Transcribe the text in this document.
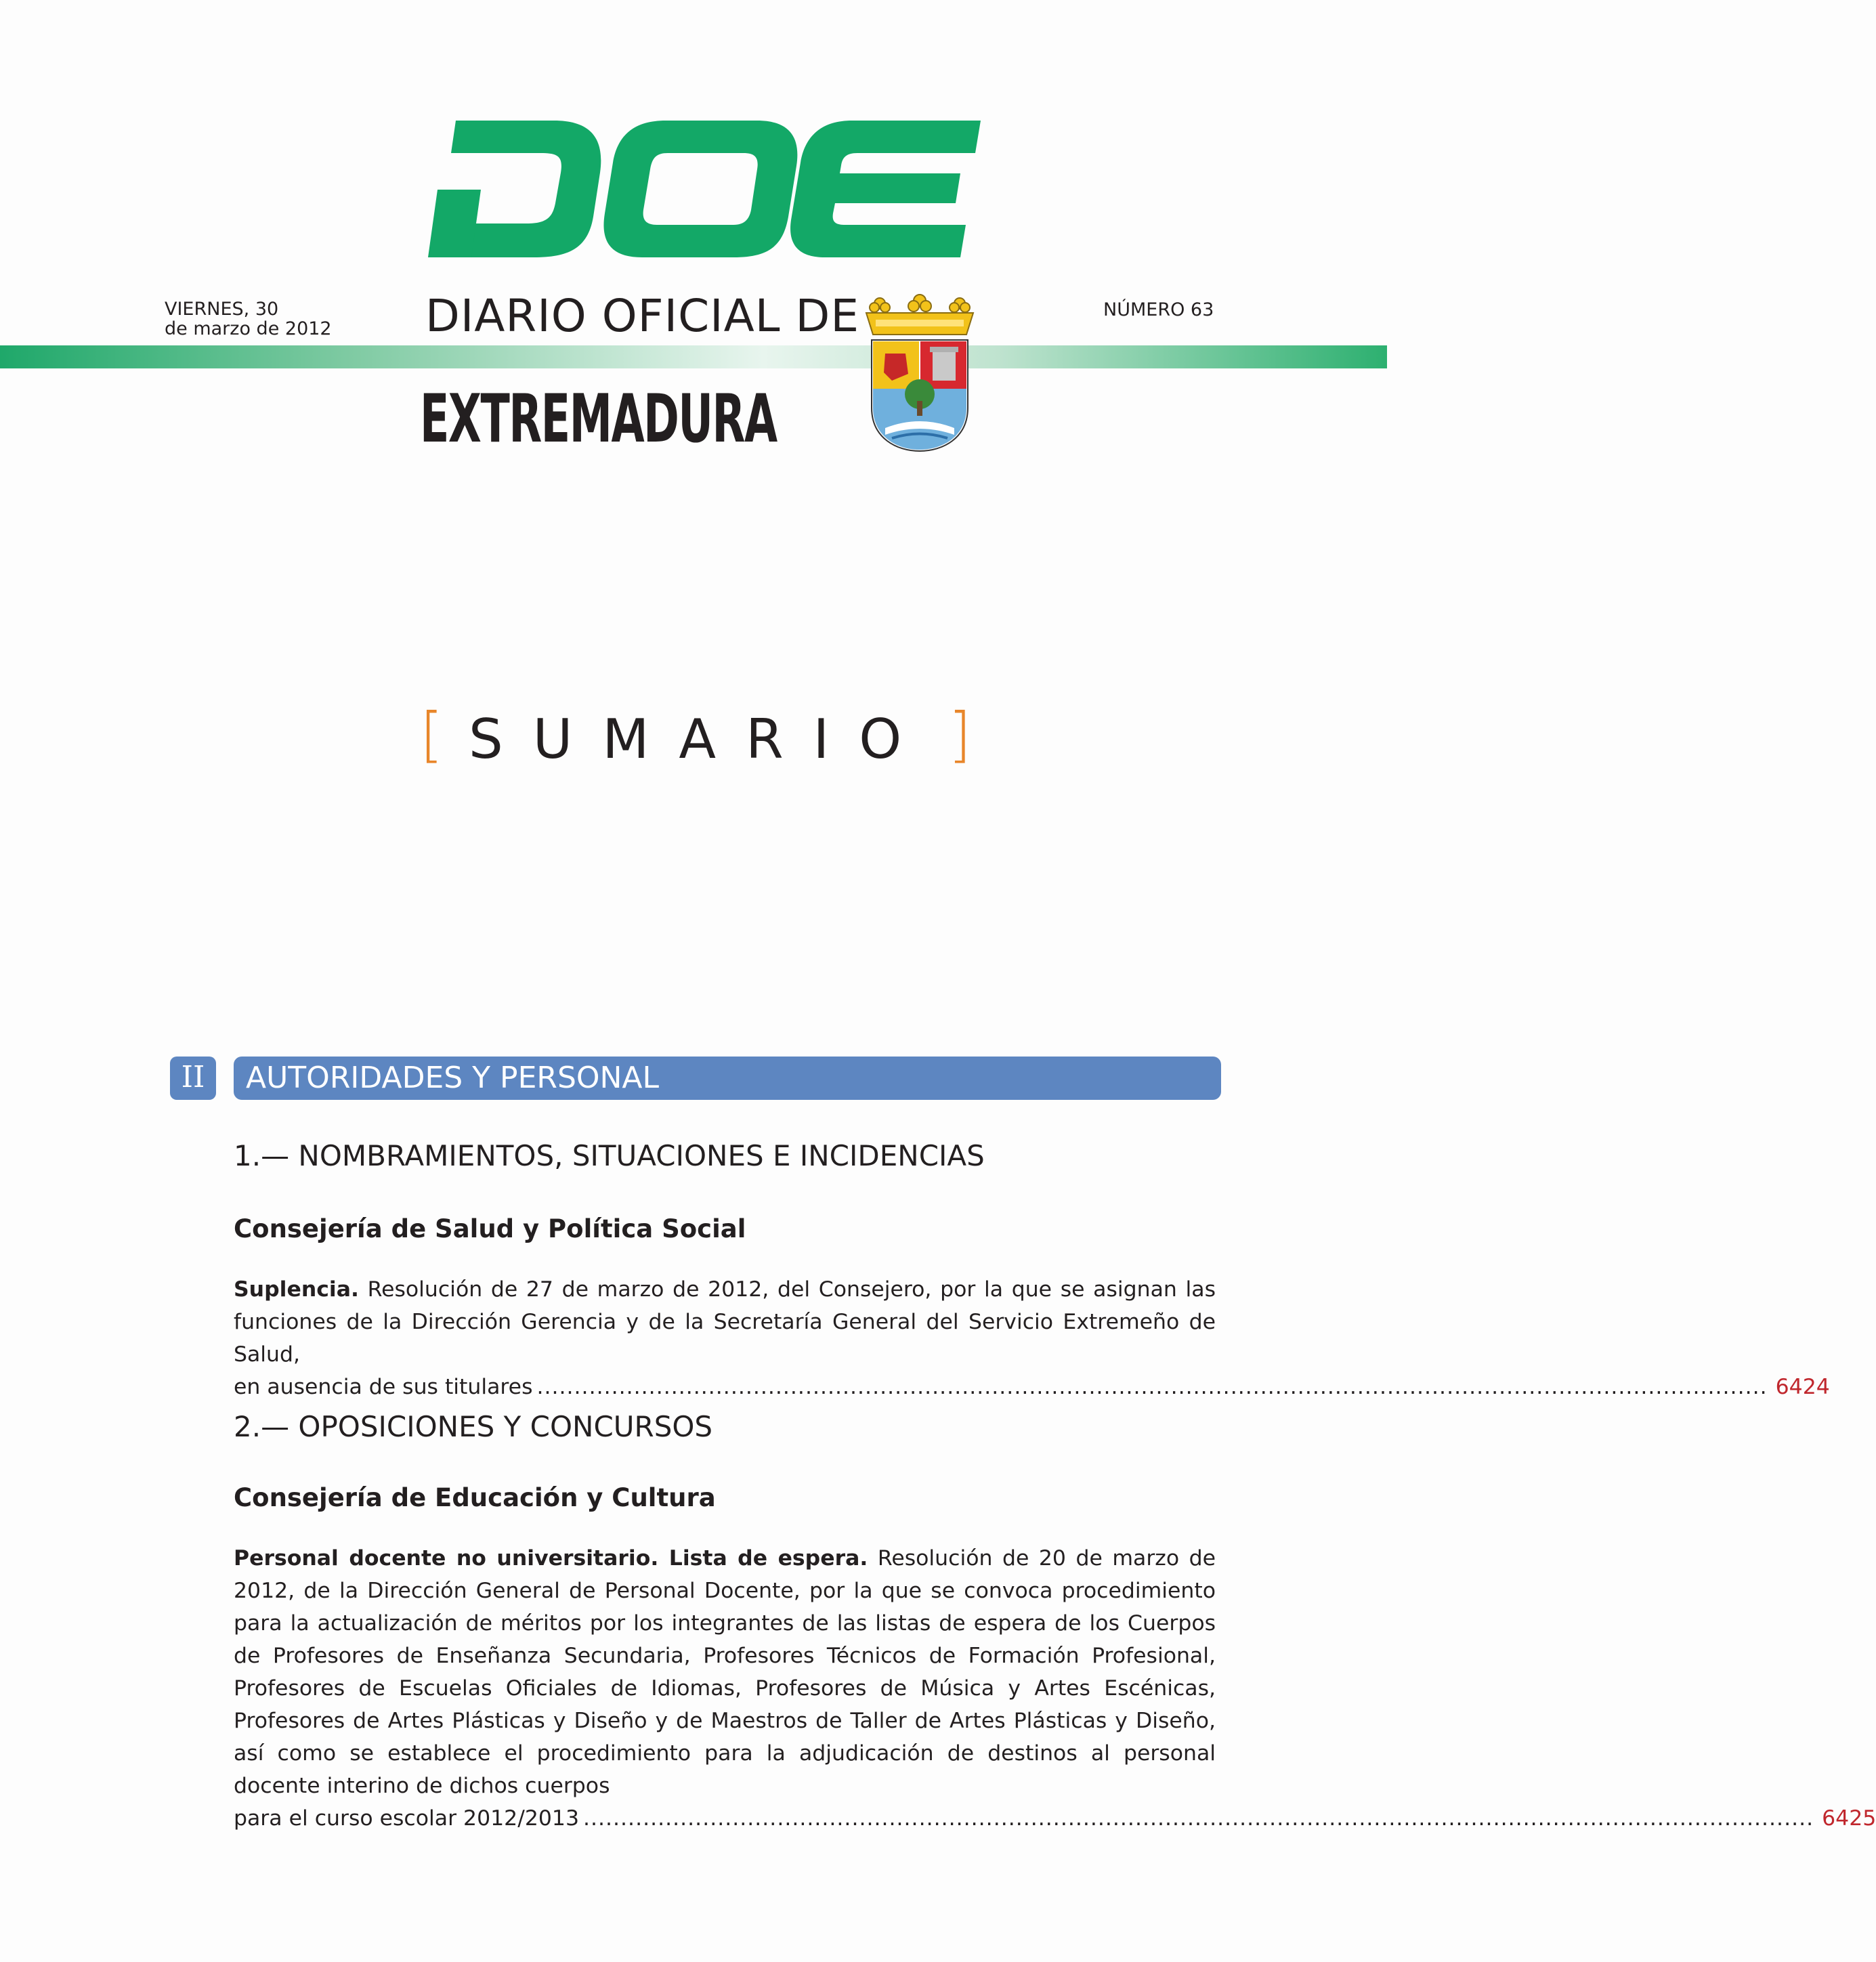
VIERNES, 30
de marzo de 2012
NÚMERO 63
DIARIO OFICIAL DE
EXTREMADURA
[ SUMARIO ]
II	AUTORIDADES Y PERSONAL
1.— NOMBRAMIENTOS, SITUACIONES E INCIDENCIAS
Consejería de Salud y Política Social
Suplencia. Resolución de 27 de marzo de 2012, del Consejero, por la que se asignan las funciones de la Dirección Gerencia y de la Secretaría General del Servicio Extremeño de Salud,
en ausencia de sus titulares ..................................................................................................................................................................... 6424
2.— OPOSICIONES Y CONCURSOS
Consejería de Educación y Cultura
Personal docente no universitario. Lista de espera. Resolución de 20 de marzo de 2012, de la Dirección General de Personal Docente, por la que se convoca procedimiento para la actualización de méritos por los integrantes de las listas de espera de los Cuerpos de Profesores de Enseñanza Secundaria, Profesores Técnicos de Formación Profesional, Profesores de Escuelas Oficiales de Idiomas, Profesores de Música y Artes Escénicas, Profesores de Artes Plásticas y Diseño y de Maestros de Taller de Artes Plásticas y Diseño, así como se establece el procedimiento para la adjudicación de destinos al personal docente interino de dichos cuerpos
para el curso escolar 2012/2013 ..................................................................................................................................................................... 6425
